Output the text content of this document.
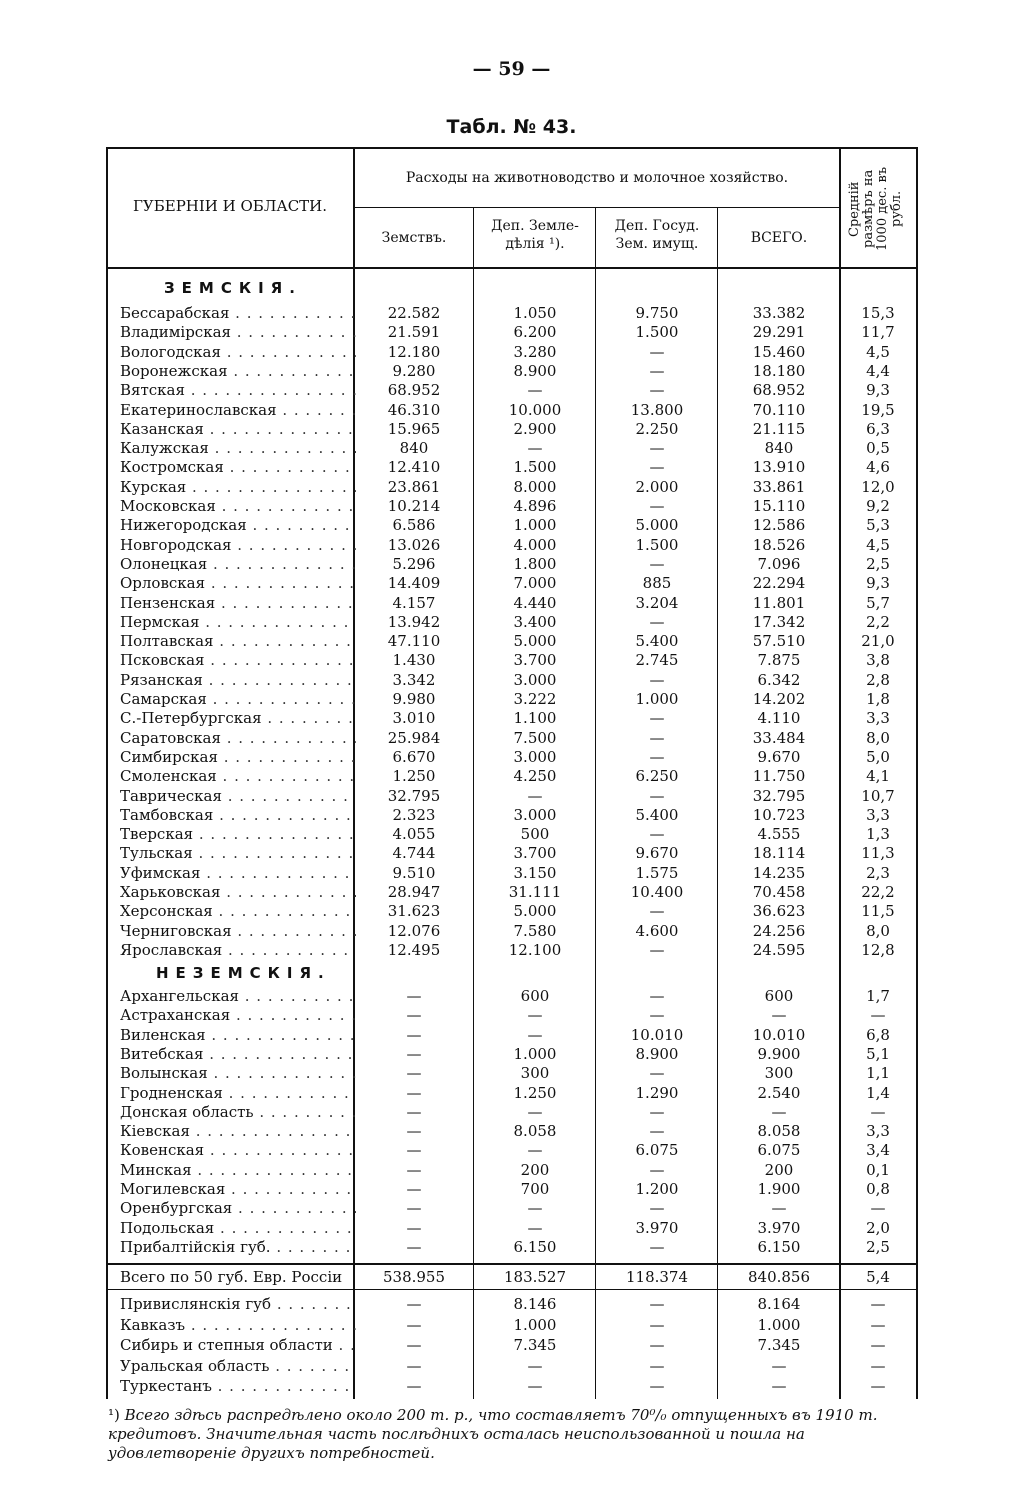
— 59 —
Табл. № 43.
ГУБЕРНІИ И ОБЛАСТИ.
Расходы на животноводство и молочное хозяйство.
Земствъ.
Деп. Земле-дѣлія ¹).
Деп. Госуд. Зем. имущ.	ВСЕГО.
Средній размѣръ на 1000 дес. въ рубл.
ЗЕМСКІЯ.
Бессарабская . . .	22.582	1.050	9.750	33.382	15,3
Владимірская . . .	21.591	6.200	1.500	29.291	11,7
Вологодская . . .	12.180	3.280	—	15.460	4,5
Воронежская . . .	9.280	8.900	—	18.180	4,4
Вятская . . .	68.952	—	—	68.952	9,3
Екатеринославская . . .	46.310	10.000	13.800	70.110	19,5
Казанская . . .	15.965	2.900	2.250	21.115	6,3
Калужская . . .	840	—	—	840	0,5
Костромская . . .	12.410	1.500	—	13.910	4,6
Курская . . .	23.861	8.000	2.000	33.861	12,0
Московская . . .	10.214	4.896	—	15.110	9,2
Нижегородская . . .	6.586	1.000	5.000	12.586	5,3
Новгородская . . .	13.026	4.000	1.500	18.526	4,5
Олонецкая . . .	5.296	1.800	—	7.096	2,5
Орловская . . .	14.409	7.000	885	22.294	9,3
Пензенская . . .	4.157	4.440	3.204	11.801	5,7
Пермская . . .	13.942	3.400	—	17.342	2,2
Полтавская . . .	47.110	5.000	5.400	57.510	21,0
Псковская . . .	1.430	3.700	2.745	7.875	3,8
Рязанская . . .	3.342	3.000	—	6.342	2,8
Самарская . . .	9.980	3.222	1.000	14.202	1,8
С.-Петербургская . . .	3.010	1.100	—	4.110	3,3
Саратовская . . .	25.984	7.500	—	33.484	8,0
Симбирская . . .	6.670	3.000	—	9.670	5,0
Смоленская . . .	1.250	4.250	6.250	11.750	4,1
Таврическая . . .	32.795	—	—	32.795	10,7
Тамбовская . . .	2.323	3.000	5.400	10.723	3,3
Тверская . . .	4.055	500	—	4.555	1,3
Тульская . . .	4.744	3.700	9.670	18.114	11,3
Уфимская . . .	9.510	3.150	1.575	14.235	2,3
Харьковская . . .	28.947	31.111	10.400	70.458	22,2
Херсонская . . .	31.623	5.000	—	36.623	11,5
Черниговская . . .	12.076	7.580	4.600	24.256	8,0
Ярославская . . .	12.495	12.100	—	24.595	12,8
НЕЗЕМСКІЯ.
Архангельская . . .	—	600	—	600	1,7
Астраханская . . .	—	—	—	—	—
Виленская . . .	—	—	10.010	10.010	6,8
Витебская . . .	—	1.000	8.900	9.900	5,1
Волынская . . .	—	300	—	300	1,1
Гродненская . . .	—	1.250	1.290	2.540	1,4
Донская область . . .	—	—	—	—	—
Кіевская . . .	—	8.058	—	8.058	3,3
Ковенская . . .	—	—	6.075	6.075	3,4
Минская . . .	—	200	—	200	0,1
Могилевская . . .	—	700	1.200	1.900	0,8
Оренбургская . . .	—	—	—	—	—
Подольская . . .	—	—	3.970	3.970	2,0
Прибалтійскія губ. . . .	—	6.150	—	6.150	2,5
Всего по 50 губ. Евр. Россіи	538.955	183.527	118.374	840.856	5,4
Привислянскія губ . . .	—	8.146	—	8.164	—
Кавказъ . . .	—	1.000	—	1.000	—
Сибирь и степныя области . . .	—	7.345	—	7.345	—
Уральская область . . .	—	—	—	—	—
Туркестанъ . . .	—	—	—	—	—
¹) Всего здѣсь распредѣлено около 200 т. р., что составляетъ 70⁰/₀ отпущенныхъ въ 1910 т. кредитовъ. Значительная часть послѣднихъ осталась неиспользованной и пошла на удовлетвореніе другихъ потребностей.
